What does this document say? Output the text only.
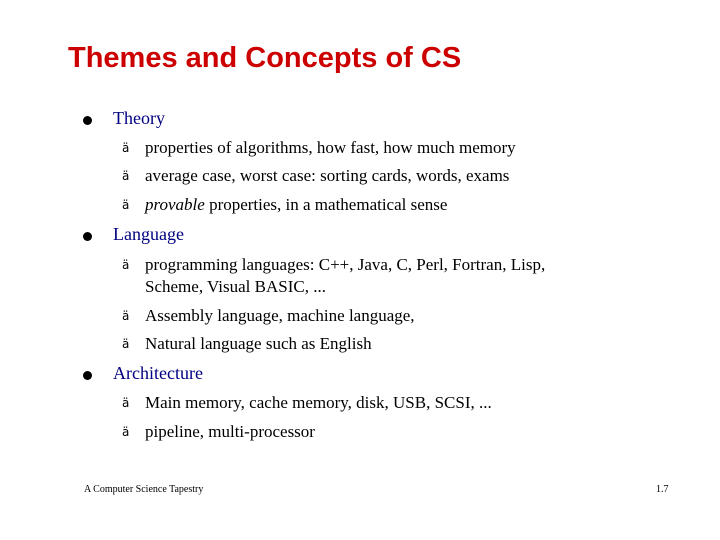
Themes and Concepts of CS
Theory
ä properties of algorithms, how fast, how much memory
ä average case, worst case: sorting cards, words, exams
ä provable properties, in a mathematical sense
Language
ä programming languages: C++, Java, C, Perl, Fortran, Lisp,
Scheme, Visual BASIC, ...
ä Assembly language, machine language,
ä Natural language such as English
Architecture
ä Main memory, cache memory, disk, USB, SCSI, ...
ä pipeline, multi-processor
A Computer Science Tapestry	1.7
